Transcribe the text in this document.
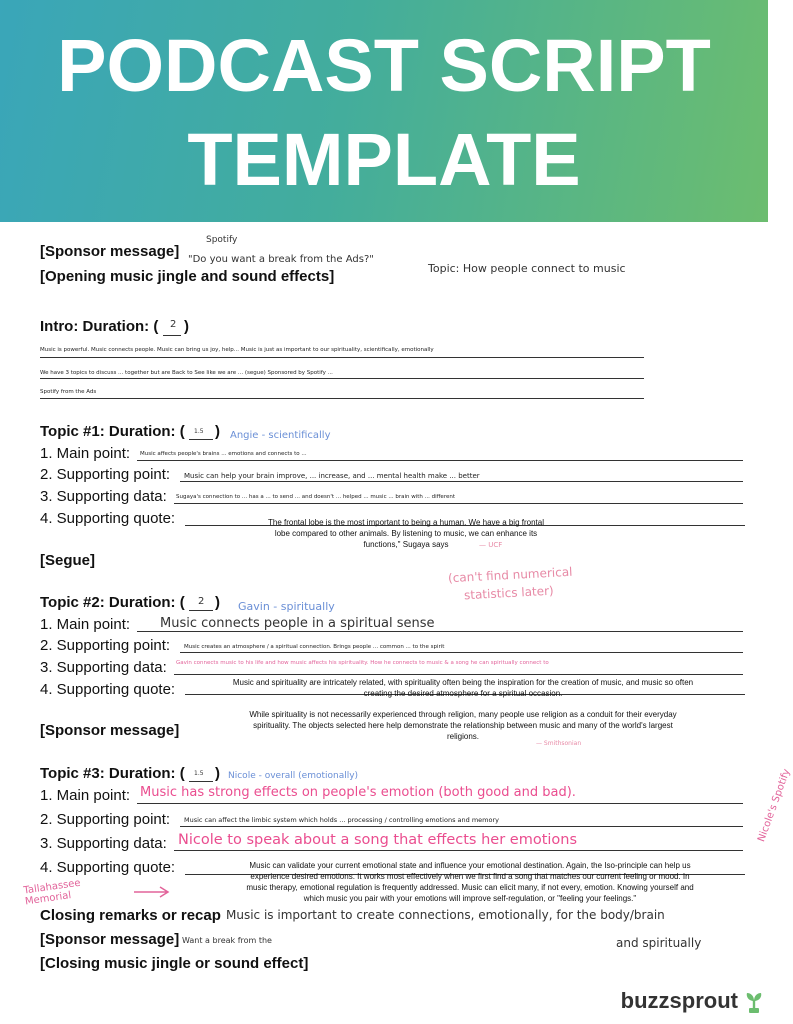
PODCAST SCRIPT
TEMPLATE
[Sponsor message]
Spotify
"Do you want a break from the Ads?"
Topic: How people connect to music
[Opening music jingle and sound effects]
Intro: Duration: ( 2 )
Music is powerful. Music connects people. Music can bring us joy, help... Music is just as important to our spirituality, scientifically, emotionally
We have 3 topics to discuss ... together but are Back to See like we are ... (segue) Sponsored by Spotify ...
Spotify from the Ads
Topic #1: Duration: ( 1.5 ) Angie - scientifically
1. Main point: Music affects people's brains ... emotions and connects to ...
2. Supporting point: Music can help your brain improve, ... increase, and ... mental health make ... better
3. Supporting data: Sugaya's connection to ... has a ... to send ... and doesn't ... helped ... music ... brain with ... different
4. Supporting quote:	The frontal lobe is the most important to being a human. We have a big frontal lobe compared to other animals. By listening to music, we can enhance its functions," Sugaya says	— UCF
[Segue]
(can't find numerical
statistics later)
Topic #2: Duration: ( 2 ) Gavin - spiritually
1. Main point: Music connects people in a spiritual sense
2. Supporting point:	Music creates an atmosphere / a spiritual connection. Brings people ... common ... to the spirit
3. Supporting data: Gavin connects music to his life and how music affects his spirituality. How he connects to music & a song he can spiritually connect to
4. Supporting quote:	Music and spirituality are intricately related, with spirituality often being the inspiration for the creation of music, and music so often creating the desired atmosphere for a spiritual occasion.
While spirituality is not necessarily experienced through religion, many people use religion as a conduit for their everyday spirituality. The objects selected here help demonstrate the relationship between music and many of the world's largest religions.
— Smithsonian
[Sponsor message]
Topic #3: Duration: ( 1.5 ) Nicole - overall (emotionally)
1. Main point: Music has strong effects on people's emotion (both good and bad).
2. Supporting point: Music can affect the limbic system which holds ... processing / controlling emotions and memory
3. Supporting data: Nicole to speak about a song that effects her emotions	Nicole's Spotify
4. Supporting quote:	Music can validate your current emotional state and influence your emotional destination. Again, the Iso-principle can help us experience desired emotions. It works most effectively when we first find a song that matches our current feeling or mood. In music therapy, emotional regulation is frequently addressed. Music can elicit many, if not every, emotion. Knowing yourself and which music you pair with your emotions will improve self-regulation, or "feeling your feelings."
Tallahassee Memorial
Closing remarks or recap Music is important to create connections, emotionally, for the body/brain
and spiritually
[Sponsor message] Want a break from the
[Closing music jingle or sound effect]
buzzsprout
